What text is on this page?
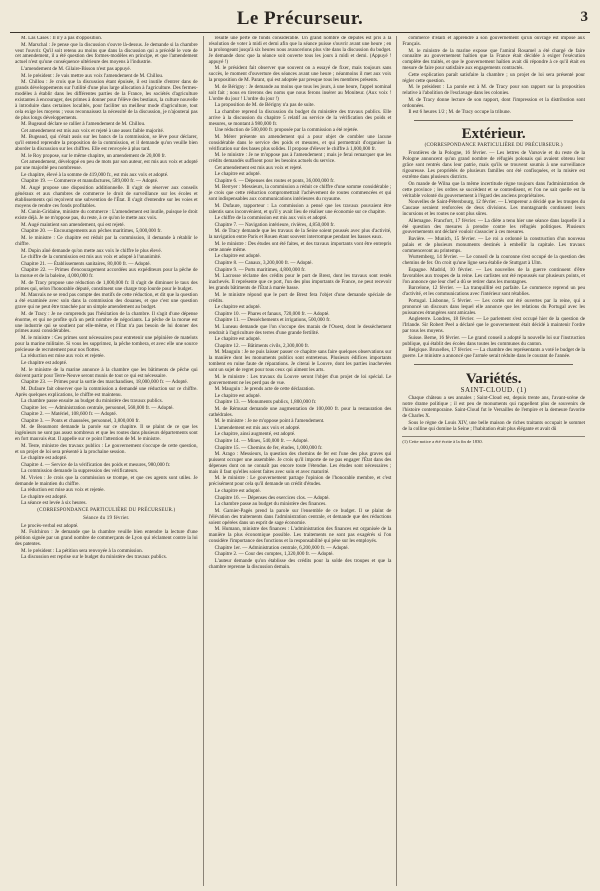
Le Précurseur.	3

M. Las Cases : Il n'y a pas d'opposition.

M. Marschal : Je pense que la discussion s'ouvre là-dessus. Je demande si la chambre veut l'ouvrir. Qu'il soit retenu au moins que dans la discussion qui a précédé le vote de cet amendement, il a été question des formes-modèles en principe, et que l'amendement actuel n'est qu'une conséquence ultérieure des moyens à l'industrie.

L'amendement de M. Gilaire-Bisson n'est pas appuyé.

M. le président : Je vais mettre aux voix l'amendement de M. Chillou.

M. Chillou : Je crois que la discussion étant épuisée, il est inutile d'entrer dans de grands développements sur l'utilité d'une plus large allocation à l'agriculture. Des fermes-modèles à établir dans les différentes parties de la France, les sociétés d'agriculture existantes à encourager, des primes à donner pour l'élève des bestiaux, la culture nouvelle à introduire dans certaines localités, pour faciliter un meilleur mode d'agriculture, tout cela exige les moyens ; vous reconnaissez la nécessité de la discussion, je n'ajouterai pas de plus longs développements.

M. Bugeaud déclare se rallier à l'amendement de M. Chillou.

Cet amendement est mis aux voix et rejeté à une assez faible majorité.

M. Bugeaud, qui s'était assis sur les bancs de la commission, se lève pour déclarer, qu'il entend reprendre la proposition de la commission, et il demande qu'on veuille bien aborder la discussion sur les chiffres. Elle est renvoyée à plus tard.

M. le Roy propose, sur le même chapitre, un amendement de 20,000 fr.

Cet amendement, développé en peu de mots par son auteur, est mis aux voix et adopté par une majorité peu nombreuse.

Le chapitre, élevé à la somme de 419,000 fr., est mis aux voix et adopté.

Chapitre 19. — Commerce et manufactures, 589,000 fr. — Adopté.

M. Augé propose une disposition additionnelle. Il s'agit de réserver aux conseils généraux et aux chambres de commerce le droit de surveillance sur les écoles et établissements qui reçoivent une subvention de l'État. Il s'agit d'entendre sur les voies et moyens de rendre ces fonds profitables.

M. Cunin-Gridaine, ministre du commerce : L'amendement est inutile, puisque le droit existe déjà. Je ne m'oppose pas, du reste, à ce qu'on le mette aux voix.

M. Augé maintient son amendement, qui est rejeté.

Chapitre 20. — Encouragements aux pêches maritimes, 5,000,000 fr.

M. le ministre : Ce chapitre est réduit par la commission, il demande à rétablir le chiffre.

M. Dupin aîné demande qu'on mette aux voix le chiffre le plus élevé.

Le chiffre de la commission est mis aux voix et adopté à l'unanimité.

Chapitre 21. — Établissements sanitaires, 80,000 fr. — Adopté.

Chapitre 22. — Primes d'encouragement accordées aux expéditeurs pour la pêche de la morue et de la baleine, 4,000,000 fr.

M. de Tracy propose une réduction de 1,000,000 fr. Il s'agit de diminuer le taux des primes qui, selon l'honorable député, constituent une charge trop lourde pour le budget.

M. Mauvais ne se rend pas compte des motifs de cette réduction, et dit que la question a été examinée avec soin dans la commission des douanes, et que c'est une question grave qui ne peut être tranchée par un simple amendement au budget.

M. de Tracy : Je ne comprends pas l'hésitation de la chambre. Il s'agit d'une dépense énorme, et qui ne profite qu'à un petit nombre de négociants. La pêche de la morue est une industrie qui se soutient par elle-même, et l'État n'a pas besoin de lui donner des primes aussi considérables.

M. le ministre : Ces primes sont nécessaires pour entretenir une pépinière de matelots pour la marine militaire. Si vous les supprimez, la pêche tombera, et avec elle une source précieuse de recrutement pour nos flottes.

La réduction est mise aux voix et rejetée.

Le chapitre est adopté.

M. le ministre de la marine annonce à la chambre que les bâtiments de pêche qui doivent partir pour Terre-Neuve seront munis de tout ce qui est nécessaire.

Chapitre 23. — Primes pour la sortie des marchandises, 18,000,000 fr. — Adopté.

M. Dufaure fait observer que la commission a demandé une réduction sur ce chiffre. Après quelques explications, le chiffre est maintenu.

La chambre passe ensuite au budget du ministère des travaux publics.

Chapitre 1er. — Administration centrale, personnel, 568,000 fr. — Adopté.

Chapitre 2. — Matériel, 108,600 fr. — Adopté.

Chapitre 3. — Ponts et chaussées, personnel, 3,800,000 fr.

M. de Beaumont demande la parole sur ce chapitre. Il se plaint de ce que les ingénieurs ne sont pas assez nombreux et que les routes dans plusieurs départements sont en fort mauvais état. Il appelle sur ce point l'attention de M. le ministre.

M. Teste, ministre des travaux publics : Le gouvernement s'occupe de cette question, et un projet de loi sera présenté à la prochaine session.

Le chapitre est adopté.

Chapitre 4. — Service de la vérification des poids et mesures, 980,000 fr.

La commission demande la suppression des vérificateurs.

M. Vivien : Je crois que la commission se trompe, et que ces agents sont utiles. Je demande le maintien du chiffre.

La réduction est mise aux voix et rejetée.

Le chapitre est adopté.

La séance est levée à six heures.

(CORRESPONDANCE PARTICULIÈRE DU PRÉCURSEUR.)
Séance du 19 février.

Le procès-verbal est adopté.

M. Fulchiron : Je demande que la chambre veuille bien entendre la lecture d'une pétition signée par un grand nombre de commerçants de Lyon qui réclament contre la loi des patentes.

M. le président : La pétition sera renvoyée à la commission.

La discussion est reprise sur le budget du ministère des travaux publics.

résulte une perte de fonds considérable. Un grand nombre de députés est pris à la résolution de voter à midi et demi afin que la séance puisse s'ouvrir avant une heure ; en la prolongeant jusqu'à six heures nous avancerions plus vite dans la discussion du budget. Je demande donc que la séance soit ouverte tous les jours à midi et demi. (Appuyé ! appuyé !)

M. le président fait observer que souvent on a essayé de fixer, mais toujours sans succès, le moment d'ouverture des séances avant une heure ; néanmoins il met aux voix la proposition de M. Parant, qui est adoptée par presque tous les membres présents.

M. de Bérigny : Je demande au moins que tous les jours, à une heure, l'appel nominal soit fait ; nous en tirerons des noms que nous ferons insérer au Moniteur. (Aux voix ! L'ordre du jour ! L'ordre du jour !)

La proposition de M. de Bérigny n'a pas de suite.

La chambre reprend la discussion du budget du ministère des travaux publics. Elle arrive à la discussion du chapitre 5 relatif au service de la vérification des poids et mesures, se montant à 980,000 fr.

Une réduction de 500,000 fr. proposée par la commission a été rejetée.

M. Mérer présente un amendement qui a pour objet de combler une lacune considérable dans le service des poids et mesures, et qui permettrait d'organiser la vérification sur des bases plus solides. Il propose d'élever le chiffre à 1,000,000 fr.

M. le ministre : Je ne m'oppose pas à l'amendement ; mais je ferai remarquer que les crédits demandés suffisent pour les besoins actuels du service.

Cet amendement est mis aux voix et rejeté.

Le chapitre est adopté.

Chapitre 6. — Dépenses des routes et ponts, 36,000,000 fr.

M. Berryer : Messieurs, la commission a réduit ce chiffre d'une somme considérable ; je crois que cette réduction compromettrait l'achèvement de routes commencées et qui sont indispensables aux communications intérieures du royaume.

M. Dufaure, rapporteur : La commission a pensé que les travaux pouvaient être ralentis sans inconvénient, et qu'il y avait lieu de réaliser une économie sur ce chapitre.

Le chiffre de la commission est mis aux voix et adopté.

Chapitre 7. — Navigation intérieure, rivières, 4,850,000 fr.

M. de Tracy demande que les travaux de la Seine soient poussés avec plus d'activité, la navigation entre Paris et Rouen étant souvent interrompue pendant les basses eaux.

M. le ministre : Des études ont été faites, et des travaux importants vont être entrepris cette année même.

Le chapitre est adopté.

Chapitre 8. — Canaux, 3,200,000 fr. — Adopté.

Chapitre 9. — Ports maritimes, 4,800,000 fr.

M. Lacrosse réclame des crédits pour le port de Brest, dont les travaux sont restés inachevés. Il représente que ce port, l'un des plus importants de France, ne peut recevoir les grands bâtiments de l'État à marée basse.

M. le ministre répond que le port de Brest fera l'objet d'une demande spéciale de crédits.

Le chapitre est adopté.

Chapitre 10. — Phares et fanaux, 720,000 fr. — Adopté.

Chapitre 11. — Dessèchements et irrigations, 500,000 fr.

M. Luneau demande que l'on s'occupe des marais de l'Ouest, dont le dessèchement rendrait à l'agriculture des terres d'une grande fertilité.

Le chapitre est adopté.

Chapitre 12. — Bâtiments civils, 2,300,000 fr.

M. Mauguin : Je ne puis laisser passer ce chapitre sans faire quelques observations sur la manière dont les monuments publics sont entretenus. Plusieurs édifices importants tombent en ruine faute de réparations. Je citerai le Louvre, dont les parties inachevées sont un sujet de regret pour tous ceux qui aiment les arts.

M. le ministre : Les travaux du Louvre seront l'objet d'un projet de loi spécial. Le gouvernement ne les perd pas de vue.

M. Mauguin : Je prends acte de cette déclaration.

Le chapitre est adopté.

Chapitre 13. — Monuments publics, 1,800,000 fr.

M. de Rémusat demande une augmentation de 100,000 fr. pour la restauration des cathédrales.

M. le ministre : Je ne m'oppose point à l'amendement.

L'amendement est mis aux voix et adopté.

Le chapitre, ainsi augmenté, est adopté.

Chapitre 14. — Mines, 540,000 fr. — Adopté.

Chapitre 15. — Chemins de fer, études, 1,000,000 fr.

M. Arago : Messieurs, la question des chemins de fer est l'une des plus graves qui puissent occuper une assemblée. Je crois qu'il importe de ne pas engager l'État dans des dépenses dont on ne connaît pas encore toute l'étendue. Les études sont nécessaires ; mais il faut qu'elles soient faites avec soin et avec maturité.

M. le ministre : Le gouvernement partage l'opinion de l'honorable membre, et c'est précisément pour cela qu'il demande un crédit d'études.

Le chapitre est adopté.

Chapitre 16. — Dépenses des exercices clos. — Adopté.

La chambre passe au budget du ministère des finances.

M. Garnier-Pagès prend la parole sur l'ensemble de ce budget. Il se plaint de l'élévation des traitements dans l'administration centrale, et demande que des réductions soient opérées dans un esprit de sage économie.

M. Humann, ministre des finances : L'administration des finances est organisée de la manière la plus économique possible. Les traitements ne sont pas exagérés si l'on considère l'importance des fonctions et la responsabilité qui pèse sur les employés.

Chapitre 1er. — Administration centrale, 6,200,000 fr. — Adopté.

Chapitre 2. — Cour des comptes, 1,320,000 fr. — Adopté.

L'auteur demande qu'on établisse des crédits pour la solde des troupes et que la chambre reprenne la discussion demain.

commerce d'Haïti et apprendre à son gouvernement qu'un ouvrage est imposé aux Français.

M. le ministre de la marine expose que l'amiral Rosamel a été chargé de faire connaître au gouvernement haïtien que la France était décidée à exiger l'exécution complète des traités, et que le gouvernement haïtien avait dû répondre à ce qu'il était en mesure de faire pour satisfaire aux engagements contractés.

Cette explication paraît satisfaire la chambre ; un projet de loi sera présenté pour régler cette question.

M. le président : La parole est à M. de Tracy pour son rapport sur la proposition relative à l'abolition de l'esclavage dans les colonies.

M. de Tracy donne lecture de son rapport, dont l'impression et la distribution sont ordonnées.

Il est 6 heures 1/2 ; M. de Tracy occupe la tribune.

Extérieur.
(CORRESPONDANCE PARTICULIÈRE DU PRÉCURSEUR.)

Frontières de la Pologne, 16 février. — Les lettres de Varsovie et du reste de la Pologne annoncent qu'un grand nombre de réfugiés polonais qui avaient obtenu leur grâce sont rentrés dans leur patrie, mais qu'ils se trouvent soumis à une surveillance rigoureuse. Les propriétés de plusieurs familles ont été confisquées, et la misère est extrême dans plusieurs districts.

On mande de Wilna que la même incertitude règne toujours dans l'administration de cette province ; les ordres se succèdent et se contredisent, et l'on ne sait quelle est la véritable volonté du gouvernement à l'égard des anciens propriétaires.

Nouvelles de Saint-Pétersbourg, 12 février. — L'empereur a décidé que les troupes du Caucase seraient renforcées de deux divisions. Les montagnards continuent leurs incursions et les routes ne sont plus sûres.

Allemagne. Francfort, 17 février. — La diète a tenu hier une séance dans laquelle il a été question des mesures à prendre contre les réfugiés politiques. Plusieurs gouvernements ont déclaré vouloir s'associer à ces mesures.

Bavière. — Munich, 15 février. — Le roi a ordonné la construction d'un nouveau palais et de plusieurs monuments destinés à embellir la capitale. Les travaux commenceront au printemps.

Wurtemberg, 14 février. — Le conseil de la couronne s'est occupé de la question des chemins de fer. On croit qu'une ligne sera établie de Stuttgart à Ulm.

Espagne. Madrid, 10 février. — Les nouvelles de la guerre continuent d'être favorables aux troupes de la reine. Les carlistes ont été repoussés sur plusieurs points, et l'on annonce que leur chef a dû se retirer dans les montagnes.

Barcelone, 12 février. — La tranquillité est parfaite. Le commerce reprend un peu d'activité, et les communications avec l'intérieur sont rétablies.

Portugal. Lisbonne, 5 février. — Les cortès ont été ouvertes par la reine, qui a prononcé un discours dans lequel elle annonce que les relations du Portugal avec les puissances étrangères sont amicales.

Angleterre. Londres, 18 février. — Le parlement s'est occupé hier de la question de l'Irlande. Sir Robert Peel a déclaré que le gouvernement était décidé à maintenir l'ordre par tous les moyens.

Suisse. Berne, 16 février. — Le grand conseil a adopté la nouvelle loi sur l'instruction publique, qui établit des écoles dans toutes les communes du canton.

Belgique. Bruxelles, 17 février. — La chambre des représentants a voté le budget de la guerre. Le ministre a annoncé que l'armée serait réduite dans le courant de l'année.

Variétés.
SAINT-CLOUD. (1)

Chaque château a ses annales ; Saint-Cloud est, depuis trente ans, l'avant-scène de notre drame politique ; il est peu de monuments qui rappellent plus de souvenirs de l'histoire contemporaine. Saint-Cloud fut le Versailles de l'empire et la demeure favorite de Charles X.

Sous le règne de Louis XIV, une belle maison de riches traitants occupait le sommet de la colline qui domine la Seine ; l'habitation était plus élégante et avait dû

(1) Cette notice a été écrite à la fin de 1830.
